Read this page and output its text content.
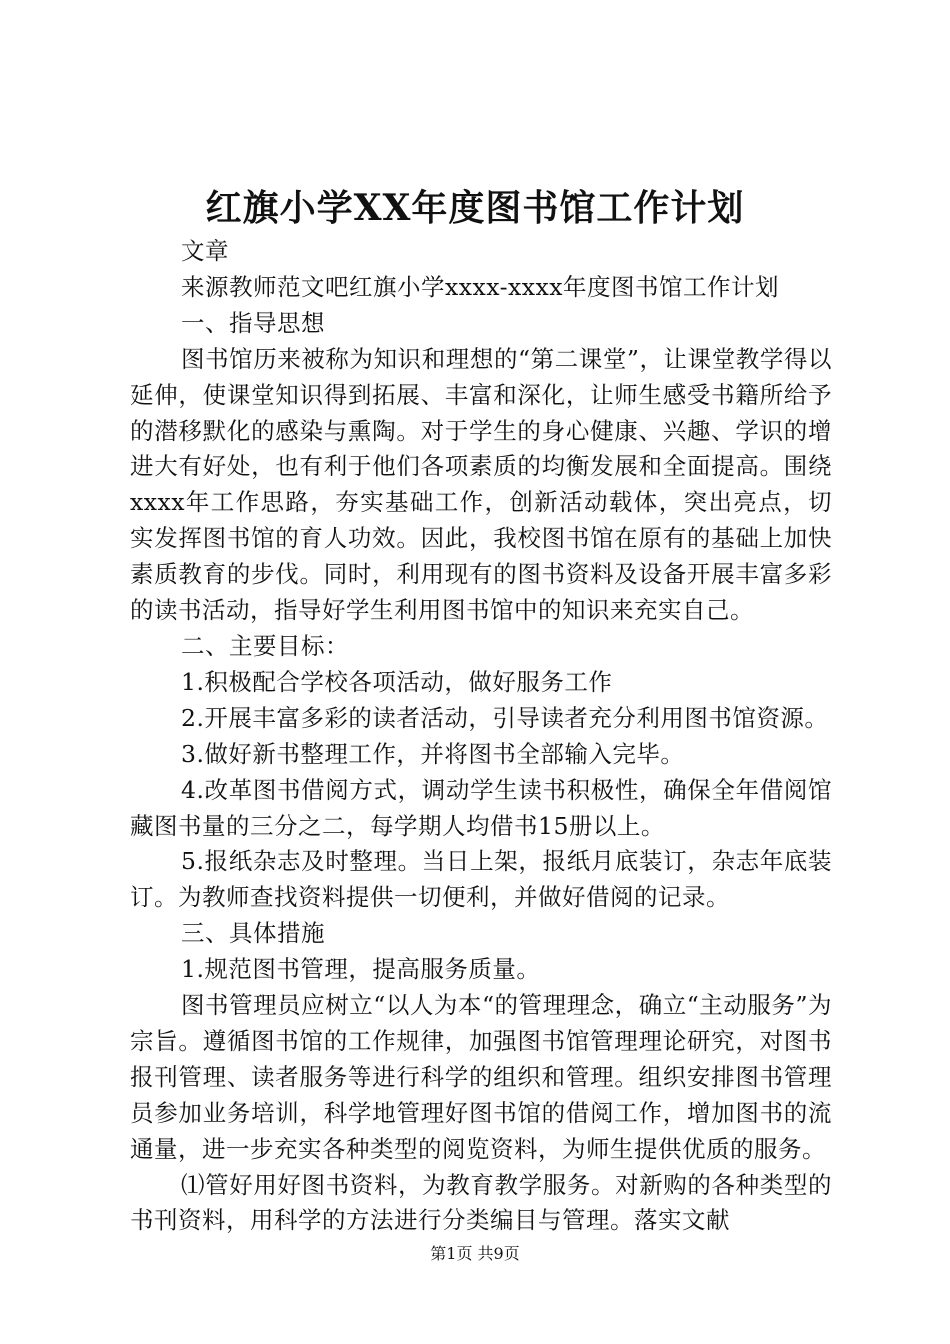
红旗小学XX年度图书馆工作计划

文章

来源教师范文吧红旗小学xxxx-xxxx年度图书馆工作计划

一、指导思想

图书馆历来被称为知识和理想的“第二课堂”，让课堂教学得以延伸，使课堂知识得到拓展、丰富和深化，让师生感受书籍所给予的潜移默化的感染与熏陶。对于学生的身心健康、兴趣、学识的增进大有好处，也有利于他们各项素质的均衡发展和全面提高。围绕xxxx年工作思路，夯实基础工作，创新活动载体，突出亮点，切实发挥图书馆的育人功效。因此，我校图书馆在原有的基础上加快素质教育的步伐。同时，利用现有的图书资料及设备开展丰富多彩的读书活动，指导好学生利用图书馆中的知识来充实自己。

二、主要目标：

1.积极配合学校各项活动，做好服务工作

2.开展丰富多彩的读者活动，引导读者充分利用图书馆资源。

3.做好新书整理工作，并将图书全部输入完毕。

4.改革图书借阅方式，调动学生读书积极性，确保全年借阅馆藏图书量的三分之二，每学期人均借书15册以上。

5.报纸杂志及时整理。当日上架，报纸月底装订，杂志年底装订。为教师查找资料提供一切便利，并做好借阅的记录。

三、具体措施

1.规范图书管理，提高服务质量。

图书管理员应树立“以人为本“的管理理念，确立“主动服务”为宗旨。遵循图书馆的工作规律，加强图书馆管理理论研究，对图书报刊管理、读者服务等进行科学的组织和管理。组织安排图书管理员参加业务培训，科学地管理好图书馆的借阅工作，增加图书的流通量，进一步充实各种类型的阅览资料，为师生提供优质的服务。

⑴管好用好图书资料，为教育教学服务。对新购的各种类型的书刊资料，用科学的方法进行分类编目与管理。落实文献

第1页 共9页
